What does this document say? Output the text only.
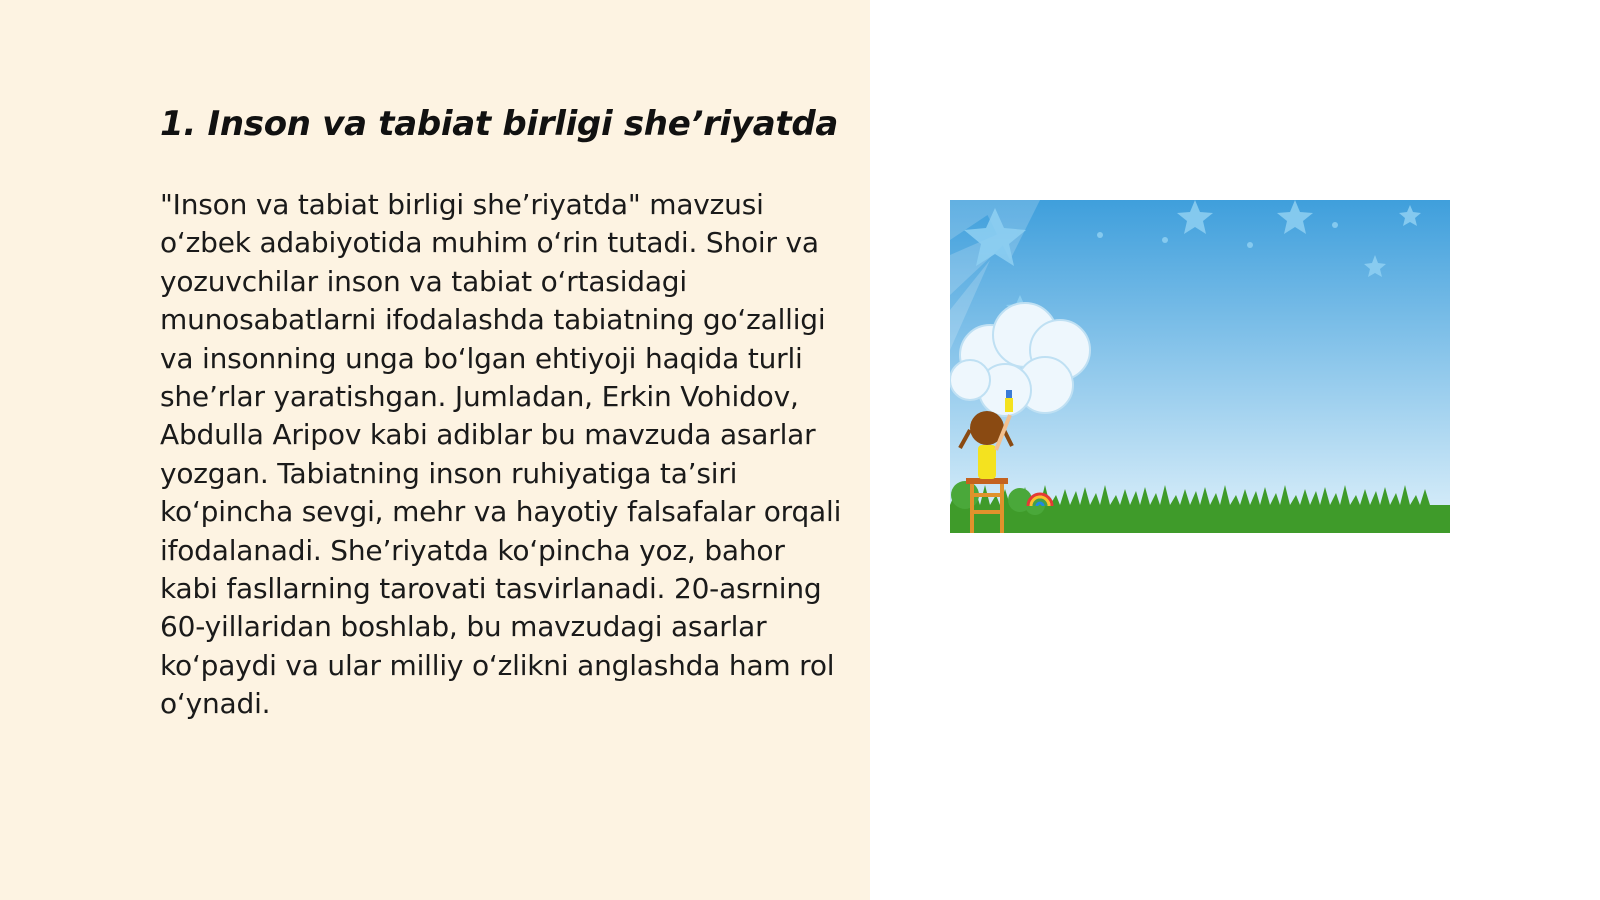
1. Inson va tabiat birligi she’riyatda

"Inson va tabiat birligi she’riyatda" mavzusi o‘zbek adabiyotida muhim o‘rin tutadi. Shoir va yozuvchilar inson va tabiat o‘rtasidagi munosabatlarni ifodalashda tabiatning go‘zalligi va insonning unga bo‘lgan ehtiyoji haqida turli she’rlar yaratishgan. Jumladan, Erkin Vohidov, Abdulla Aripov kabi adiblar bu mavzuda asarlar yozgan. Tabiatning inson ruhiyatiga ta’siri ko‘pincha sevgi, mehr va hayotiy falsafalar orqali ifodalanadi. She’riyatda ko‘pincha yoz, bahor kabi fasllarning tarovati tasvirlanadi. 20-asrning 60-yillaridan boshlab, bu mavzudagi asarlar ko‘paydi va ular milliy o‘zlikni anglashda ham rol o‘ynadi.
